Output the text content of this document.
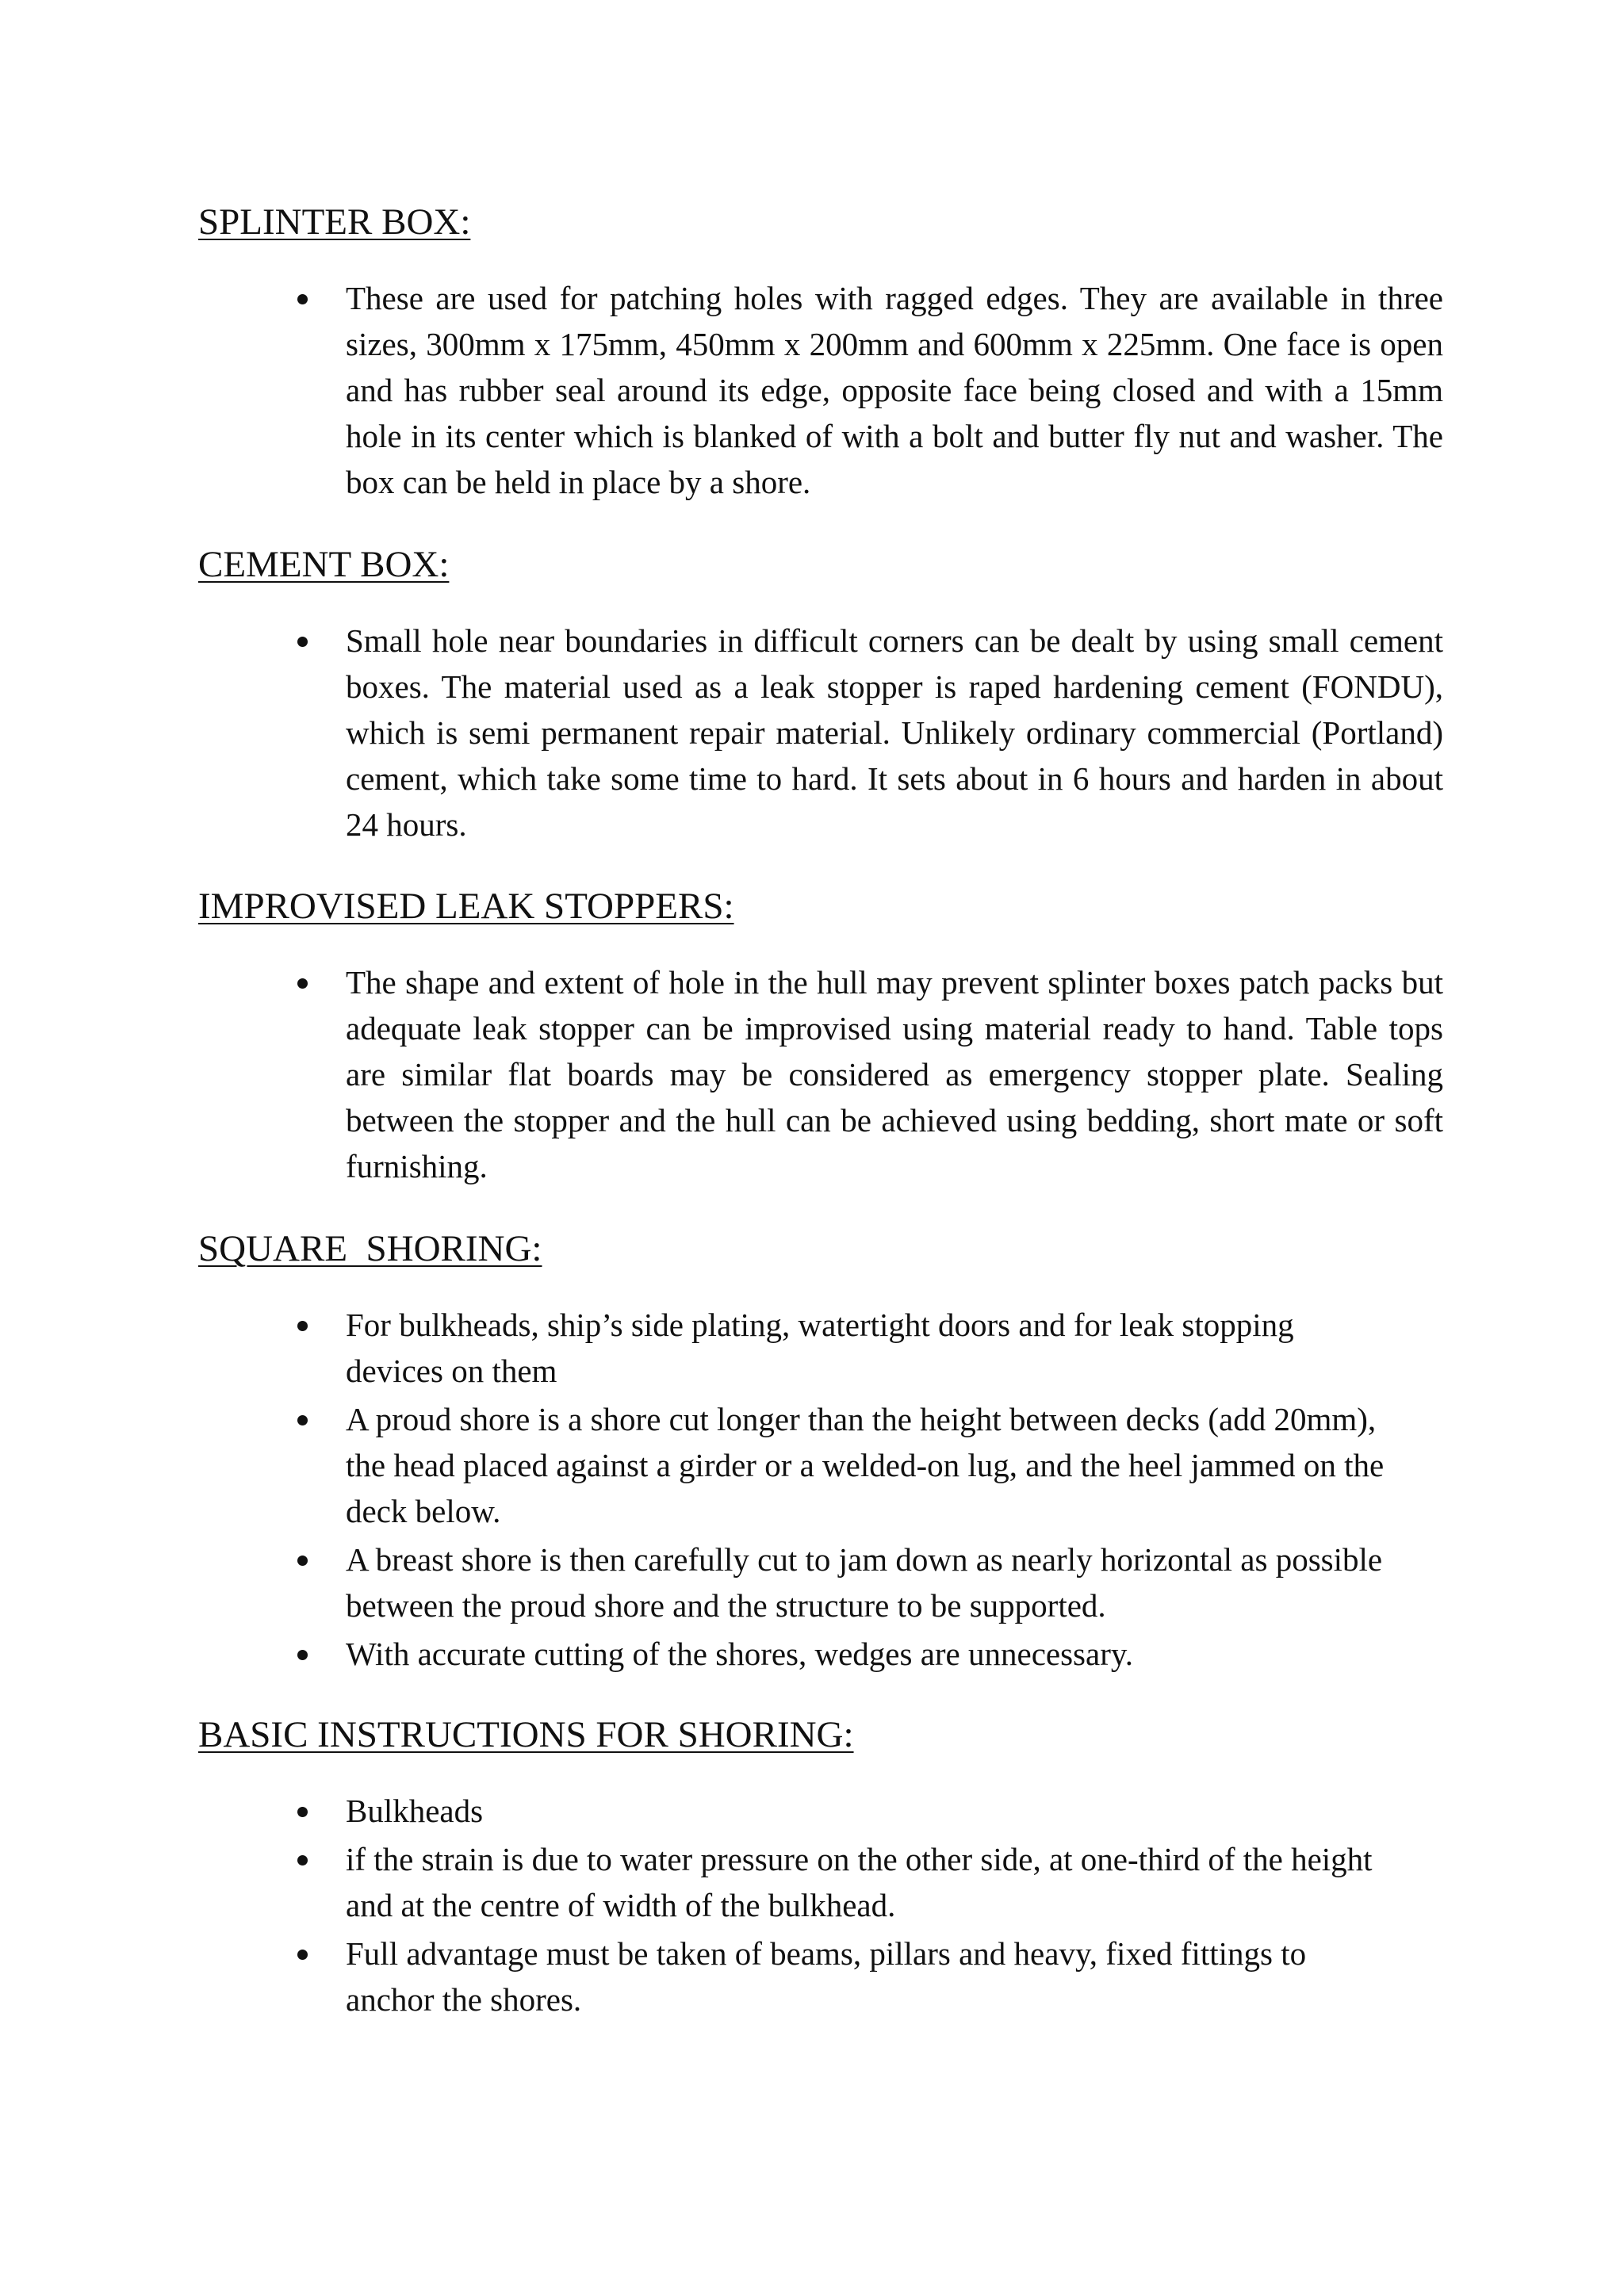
SPLINTER BOX:
These are used for patching holes with ragged edges. They are available in three sizes, 300mm x 175mm, 450mm x 200mm and 600mm x 225mm. One face is open and has rubber seal around its edge, opposite face being closed and with a 15mm hole in its center which is blanked of with a bolt and butter fly nut and washer. The box can be held in place by a shore.
CEMENT BOX:
Small hole near boundaries in difficult corners can be dealt by using small cement boxes. The material used as a leak stopper is raped hardening cement (FONDU), which is semi permanent repair material. Unlikely ordinary commercial (Portland) cement, which take some time to hard. It sets about in 6 hours and harden in about 24 hours.
IMPROVISED LEAK STOPPERS:
The shape and extent of hole in the hull may prevent splinter boxes patch packs but adequate leak stopper can be improvised using material ready to hand. Table tops are similar flat boards may be considered as emergency stopper plate. Sealing between the stopper and the hull can be achieved using bedding, short mate or soft furnishing.
SQUARE  SHORING:
For bulkheads, ship’s side plating, watertight doors and for leak stopping devices on them
A proud shore is a shore cut longer than the height between decks (add 20mm), the head placed against a girder or a welded-on lug, and the heel jammed on the deck below.
A breast shore is then carefully cut to jam down as nearly horizontal as possible between the proud shore and the structure to be supported.
With accurate cutting of the shores, wedges are unnecessary.
BASIC INSTRUCTIONS FOR SHORING:
Bulkheads
if the strain is due to water pressure on the other side, at one-third of the height and at the centre of width of the bulkhead.
Full advantage must be taken of beams, pillars and heavy, fixed fittings to anchor the shores.
